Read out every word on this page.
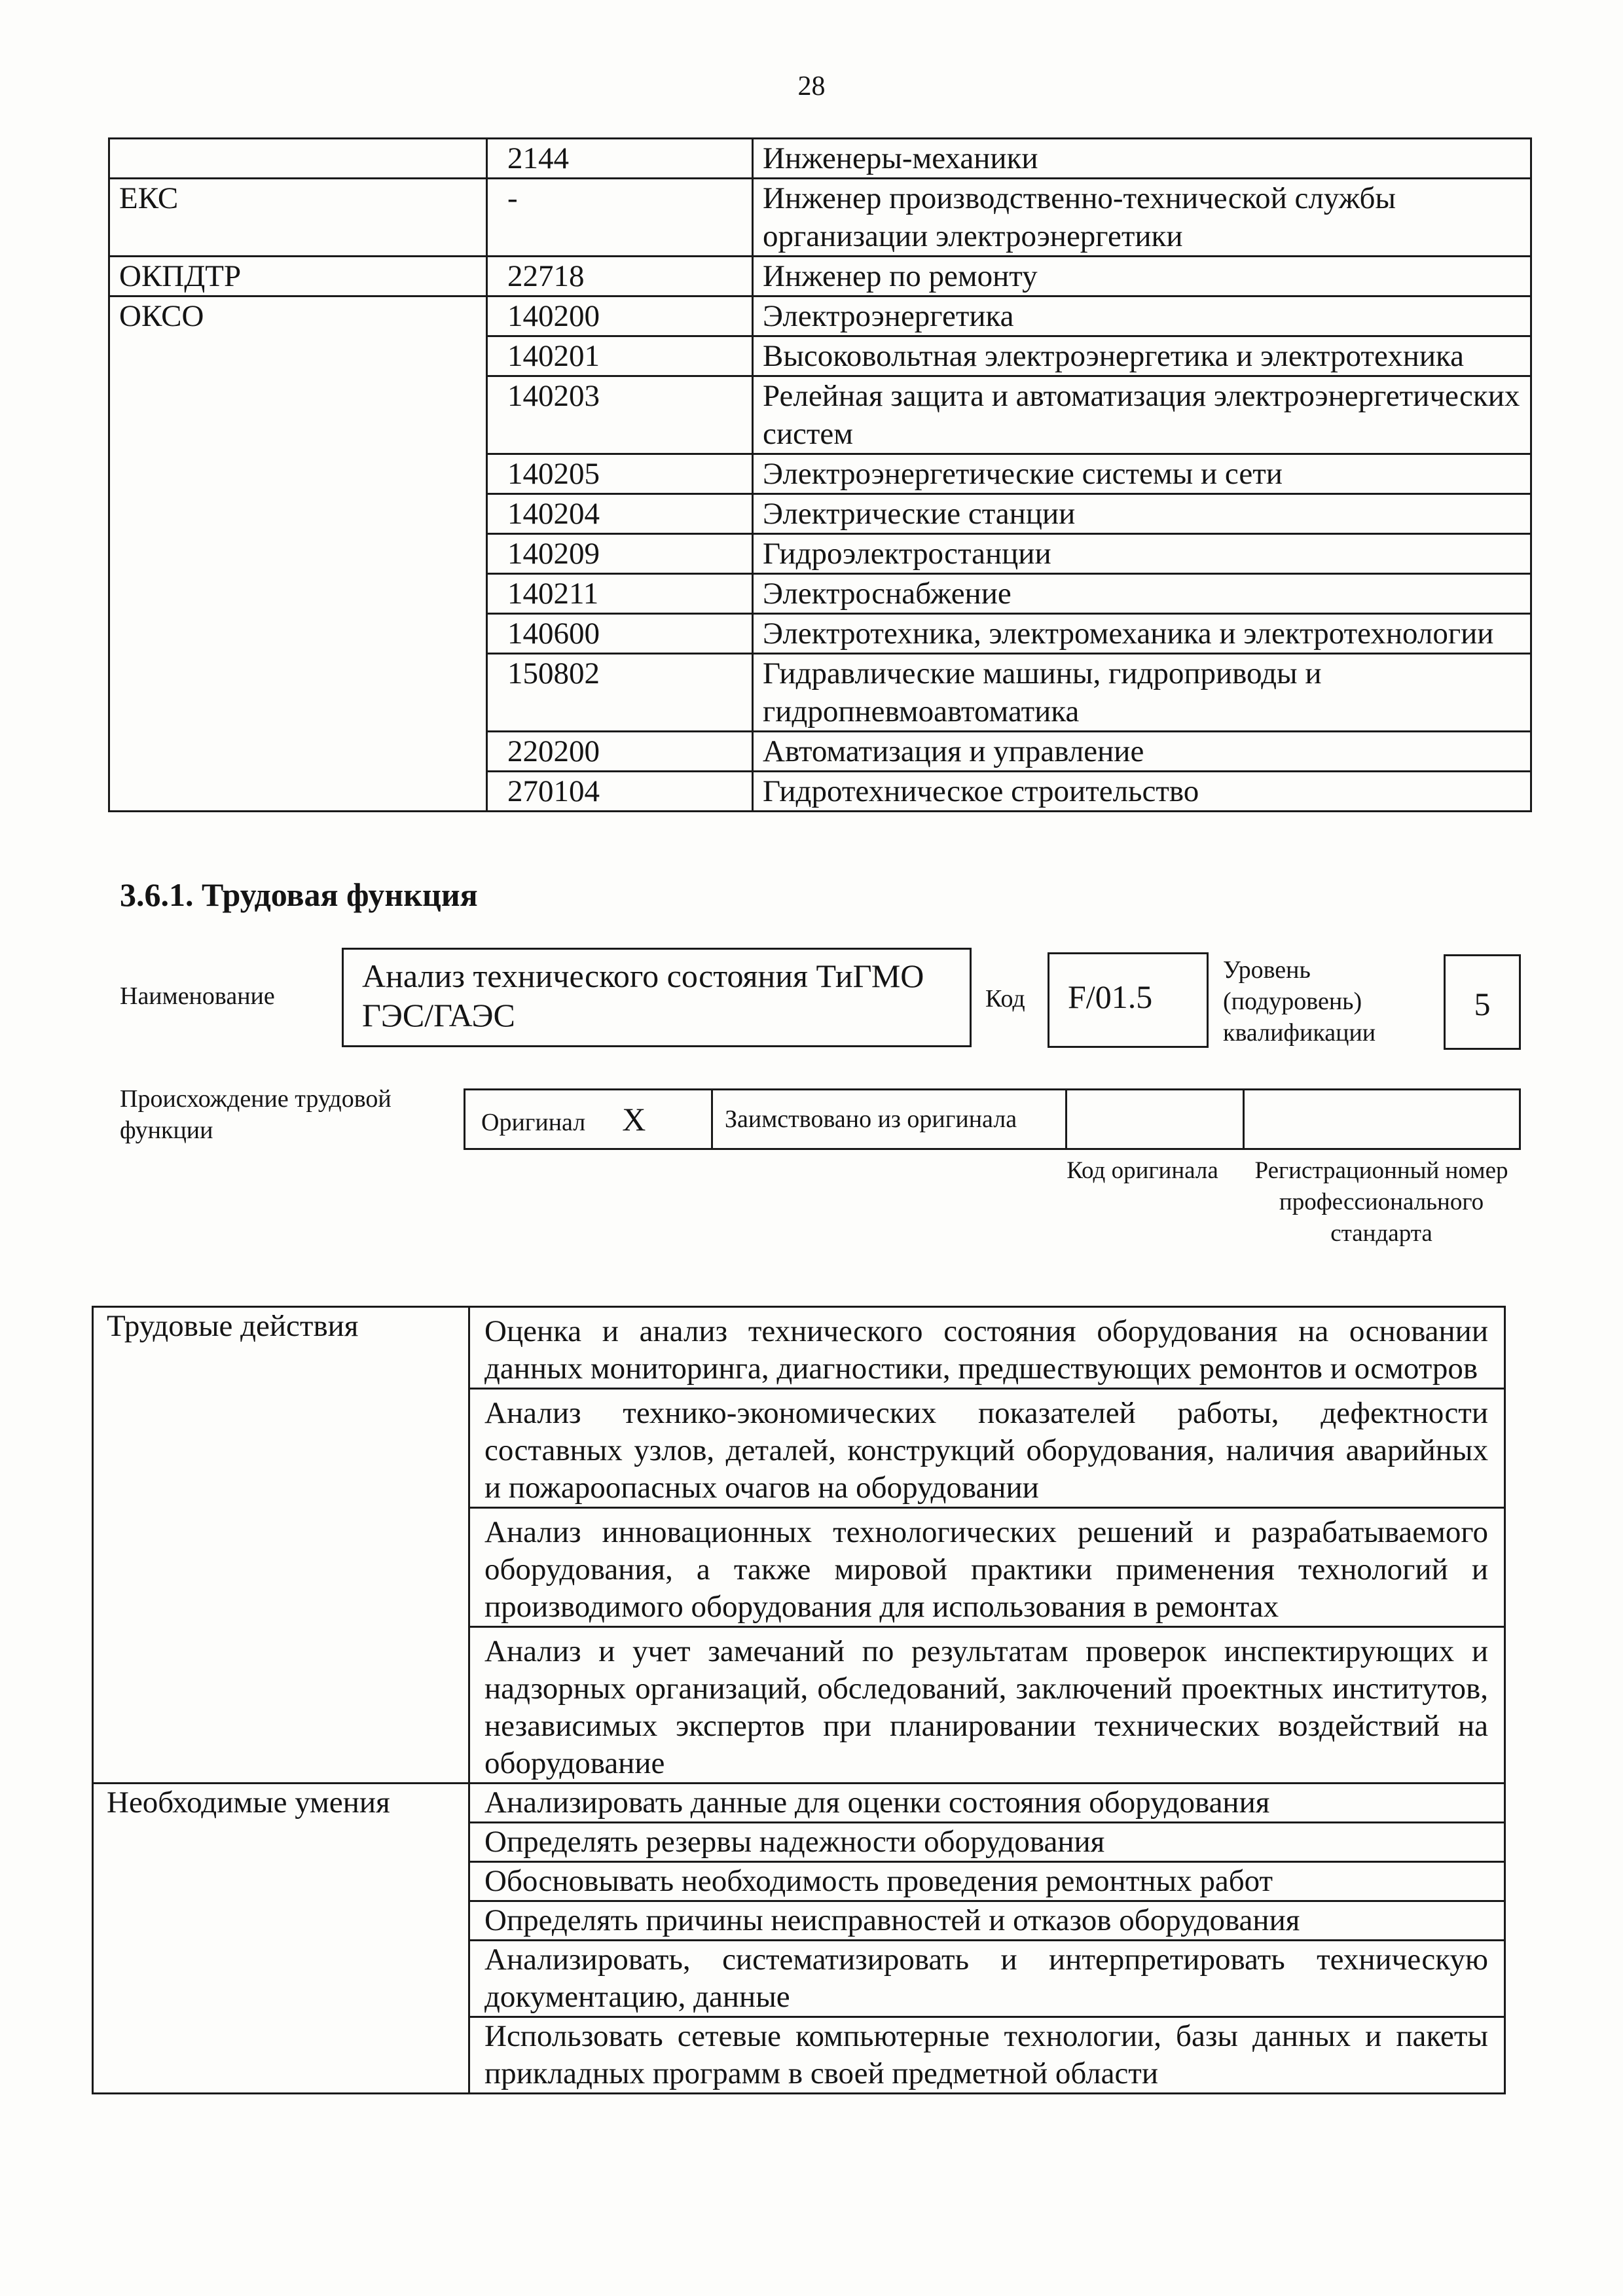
28
	2144	Инженеры-механики
ЕКС	-	Инженер производственно-технической службы организации электроэнергетики
ОКПДТР	22718	Инженер по ремонту
ОКСО	140200	Электроэнергетика
	140201	Высоковольтная электроэнергетика и электротехника
	140203	Релейная защита и автоматизация электроэнергетических систем
	140205	Электроэнергетические системы и сети
	140204	Электрические станции
	140209	Гидроэлектростанции
	140211	Электроснабжение
	140600	Электротехника, электромеханика и электротехнологии
	150802	Гидравлические машины, гидроприводы и гидропневмоавтоматика
	220200	Автоматизация и управление
	270104	Гидротехническое строительство
3.6.1. Трудовая функция
Наименование
Анализ технического состояния ТиГМО ГЭС/ГАЭС	Код	F/01.5
Уровень (подуровень) квалификации
5
Происхождение трудовой функции	Оригинал X	Заимствовано из оригинала		
Код оригинала	Регистрационный номер профессионального стандарта
Трудовые действия	Оценка и анализ технического состояния оборудования на основании данных мониторинга, диагностики, предшествующих ремонтов и осмотров
	Анализ технико-экономических показателей работы, дефектности составных узлов, деталей, конструкций оборудования, наличия аварийных и пожароопасных очагов на оборудовании
	Анализ инновационных технологических решений и разрабатываемого оборудования, а также мировой практики применения технологий и производимого оборудования для использования в ремонтах
	Анализ и учет замечаний по результатам проверок инспектирующих и надзорных организаций, обследований, заключений проектных институтов, независимых экспертов при планировании технических воздействий на оборудование
Необходимые умения	Анализировать данные для оценки состояния оборудования
	Определять резервы надежности оборудования
	Обосновывать необходимость проведения ремонтных работ
	Определять причины неисправностей и отказов оборудования
	Анализировать, систематизировать и интерпретировать техническую документацию, данные
	Использовать сетевые компьютерные технологии, базы данных и пакеты прикладных программ в своей предметной области
